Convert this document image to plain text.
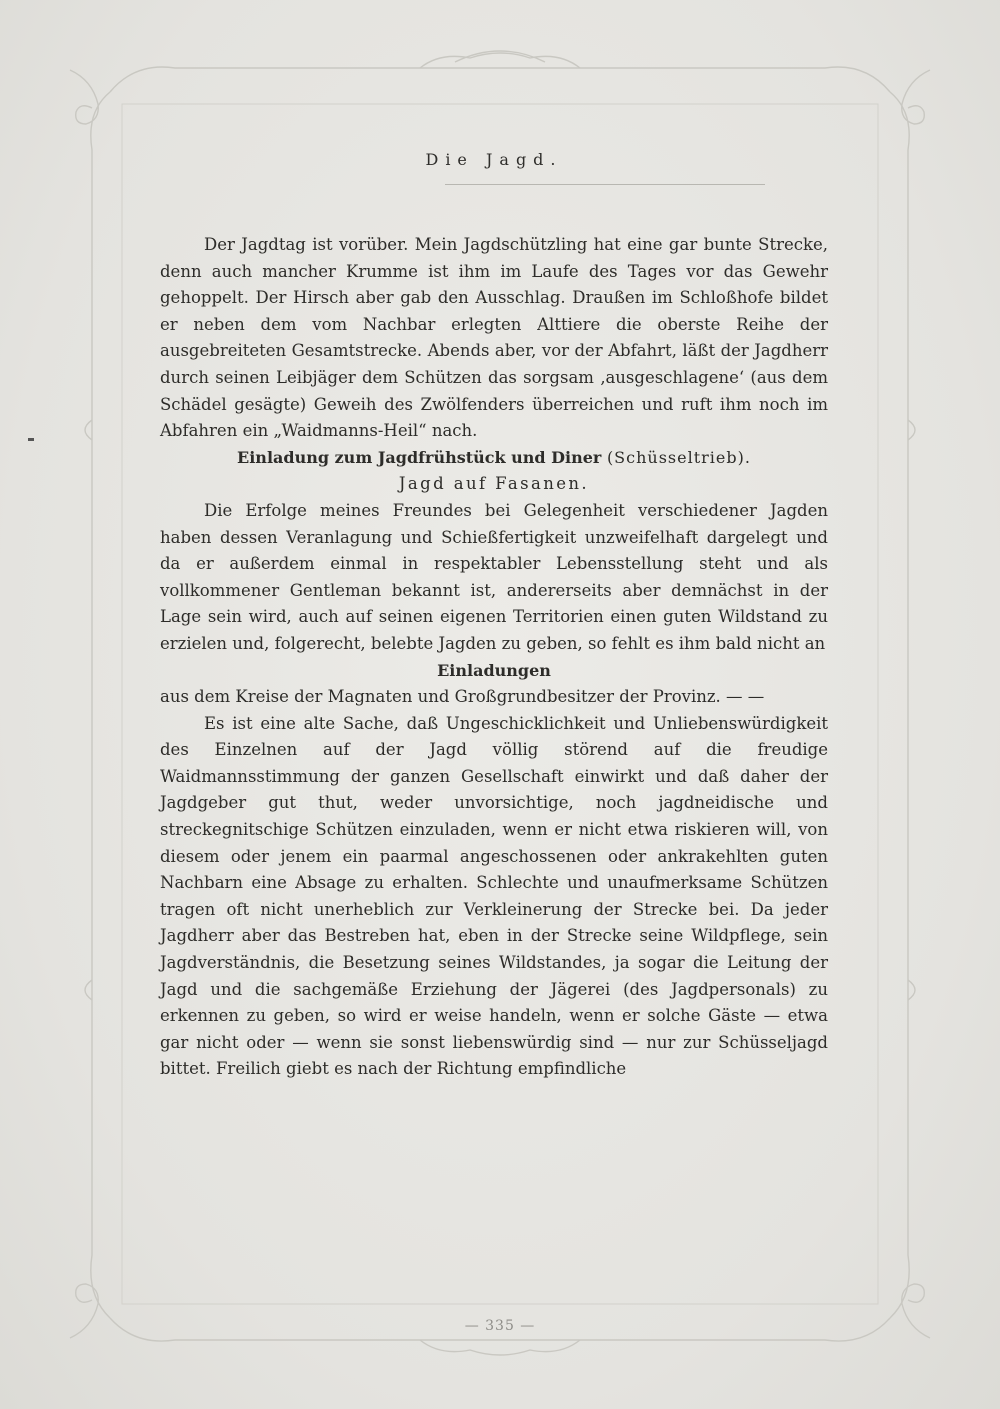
Die Jagd.

Der Jagdtag ist vorüber. Mein Jagdschützling hat eine gar bunte Strecke, denn auch mancher Krumme ist ihm im Laufe des Tages vor das Gewehr gehoppelt. Der Hirsch aber gab den Ausschlag. Draußen im Schloßhofe bildet er neben dem vom Nachbar erlegten Alttiere die oberste Reihe der ausgebreiteten Gesamtstrecke. Abends aber, vor der Abfahrt, läßt der Jagdherr durch seinen Leibjäger dem Schützen das sorgsam ‚ausgeschlagene‘ (aus dem Schädel gesägte) Geweih des Zwölfenders überreichen und ruft ihm noch im Abfahren ein „Waidmanns-Heil“ nach.

Einladung zum Jagdfrühstück und Diner (Schüsseltrieb).

Jagd auf Fasanen.

Die Erfolge meines Freundes bei Gelegenheit verschiedener Jagden haben dessen Veranlagung und Schießfertigkeit unzweifelhaft dargelegt und da er außerdem einmal in respektabler Lebensstellung steht und als vollkommener Gentleman bekannt ist, andererseits aber demnächst in der Lage sein wird, auch auf seinen eigenen Territorien einen guten Wildstand zu erzielen und, folgerecht, belebte Jagden zu geben, so fehlt es ihm bald nicht an

Einladungen

aus dem Kreise der Magnaten und Großgrundbesitzer der Provinz. — —

Es ist eine alte Sache, daß Ungeschicklichkeit und Unliebenswürdigkeit des Einzelnen auf der Jagd völlig störend auf die freudige Waidmannsstimmung der ganzen Gesellschaft einwirkt und daß daher der Jagdgeber gut thut, weder unvorsichtige, noch jagdneidische und streckegnitschige Schützen einzuladen, wenn er nicht etwa riskieren will, von diesem oder jenem ein paarmal angeschossenen oder ankrakehlten guten Nachbarn eine Absage zu erhalten. Schlechte und unaufmerksame Schützen tragen oft nicht unerheblich zur Verkleinerung der Strecke bei. Da jeder Jagdherr aber das Bestreben hat, eben in der Strecke seine Wildpflege, sein Jagdverständnis, die Besetzung seines Wildstandes, ja sogar die Leitung der Jagd und die sachgemäße Erziehung der Jägerei (des Jagdpersonals) zu erkennen zu geben, so wird er weise handeln, wenn er solche Gäste — etwa gar nicht oder — wenn sie sonst liebenswürdig sind — nur zur Schüsseljagd bittet. Freilich giebt es nach der Richtung empfindliche

— 335 —
